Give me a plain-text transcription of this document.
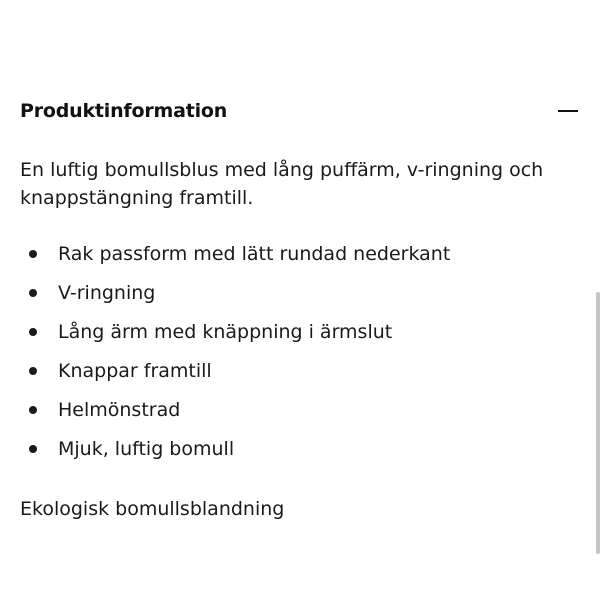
Produktinformation

En luftig bomullsblus med lång puffärm, v-ringning och knappstängning framtill.

Rak passform med lätt rundad nederkant
V-ringning
Lång ärm med knäppning i ärmslut
Knappar framtill
Helmönstrad
Mjuk, luftig bomull

Ekologisk bomullsblandning
